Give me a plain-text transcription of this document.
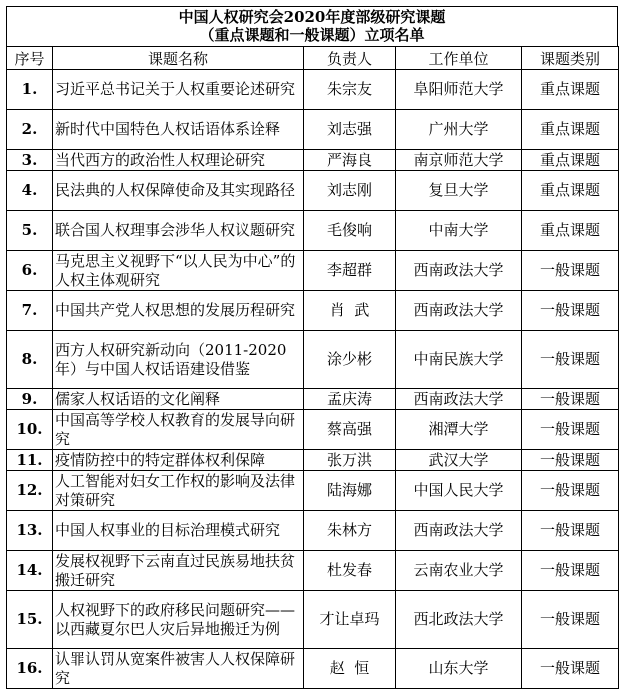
中国人权研究会2020年度部级研究课题
（重点课题和一般课题）立项名单
序号	课题名称	负责人	工作单位	课题类别
1.	习近平总书记关于人权重要论述研究	朱宗友	阜阳师范大学	重点课题
2.	新时代中国特色人权话语体系诠释	刘志强	广州大学	重点课题
3.	当代西方的政治性人权理论研究	严海良	南京师范大学	重点课题
4.	民法典的人权保障使命及其实现路径	刘志刚	复旦大学	重点课题
5.	联合国人权理事会涉华人权议题研究	毛俊响	中南大学	重点课题
6.	马克思主义视野下“以人民为中心”的人权主体观研究	李超群	西南政法大学	一般课题
7.	中国共产党人权思想的发展历程研究	肖  武	西南政法大学	一般课题
8.	西方人权研究新动向（2011-2020年）与中国人权话语建设借鉴	涂少彬	中南民族大学	一般课题
9.	儒家人权话语的文化阐释	孟庆涛	西南政法大学	一般课题
10.	中国高等学校人权教育的发展导向研究	蔡高强	湘潭大学	一般课题
11.	疫情防控中的特定群体权利保障	张万洪	武汉大学	一般课题
12.	人工智能对妇女工作权的影响及法律对策研究	陆海娜	中国人民大学	一般课题
13.	中国人权事业的目标治理模式研究	朱林方	西南政法大学	一般课题
14.	发展权视野下云南直过民族易地扶贫搬迁研究	杜发春	云南农业大学	一般课题
15.	人权视野下的政府移民问题研究——以西藏夏尔巴人灾后异地搬迁为例	才让卓玛	西北政法大学	一般课题
16.	认罪认罚从宽案件被害人人权保障研究	赵  恒	山东大学	一般课题
